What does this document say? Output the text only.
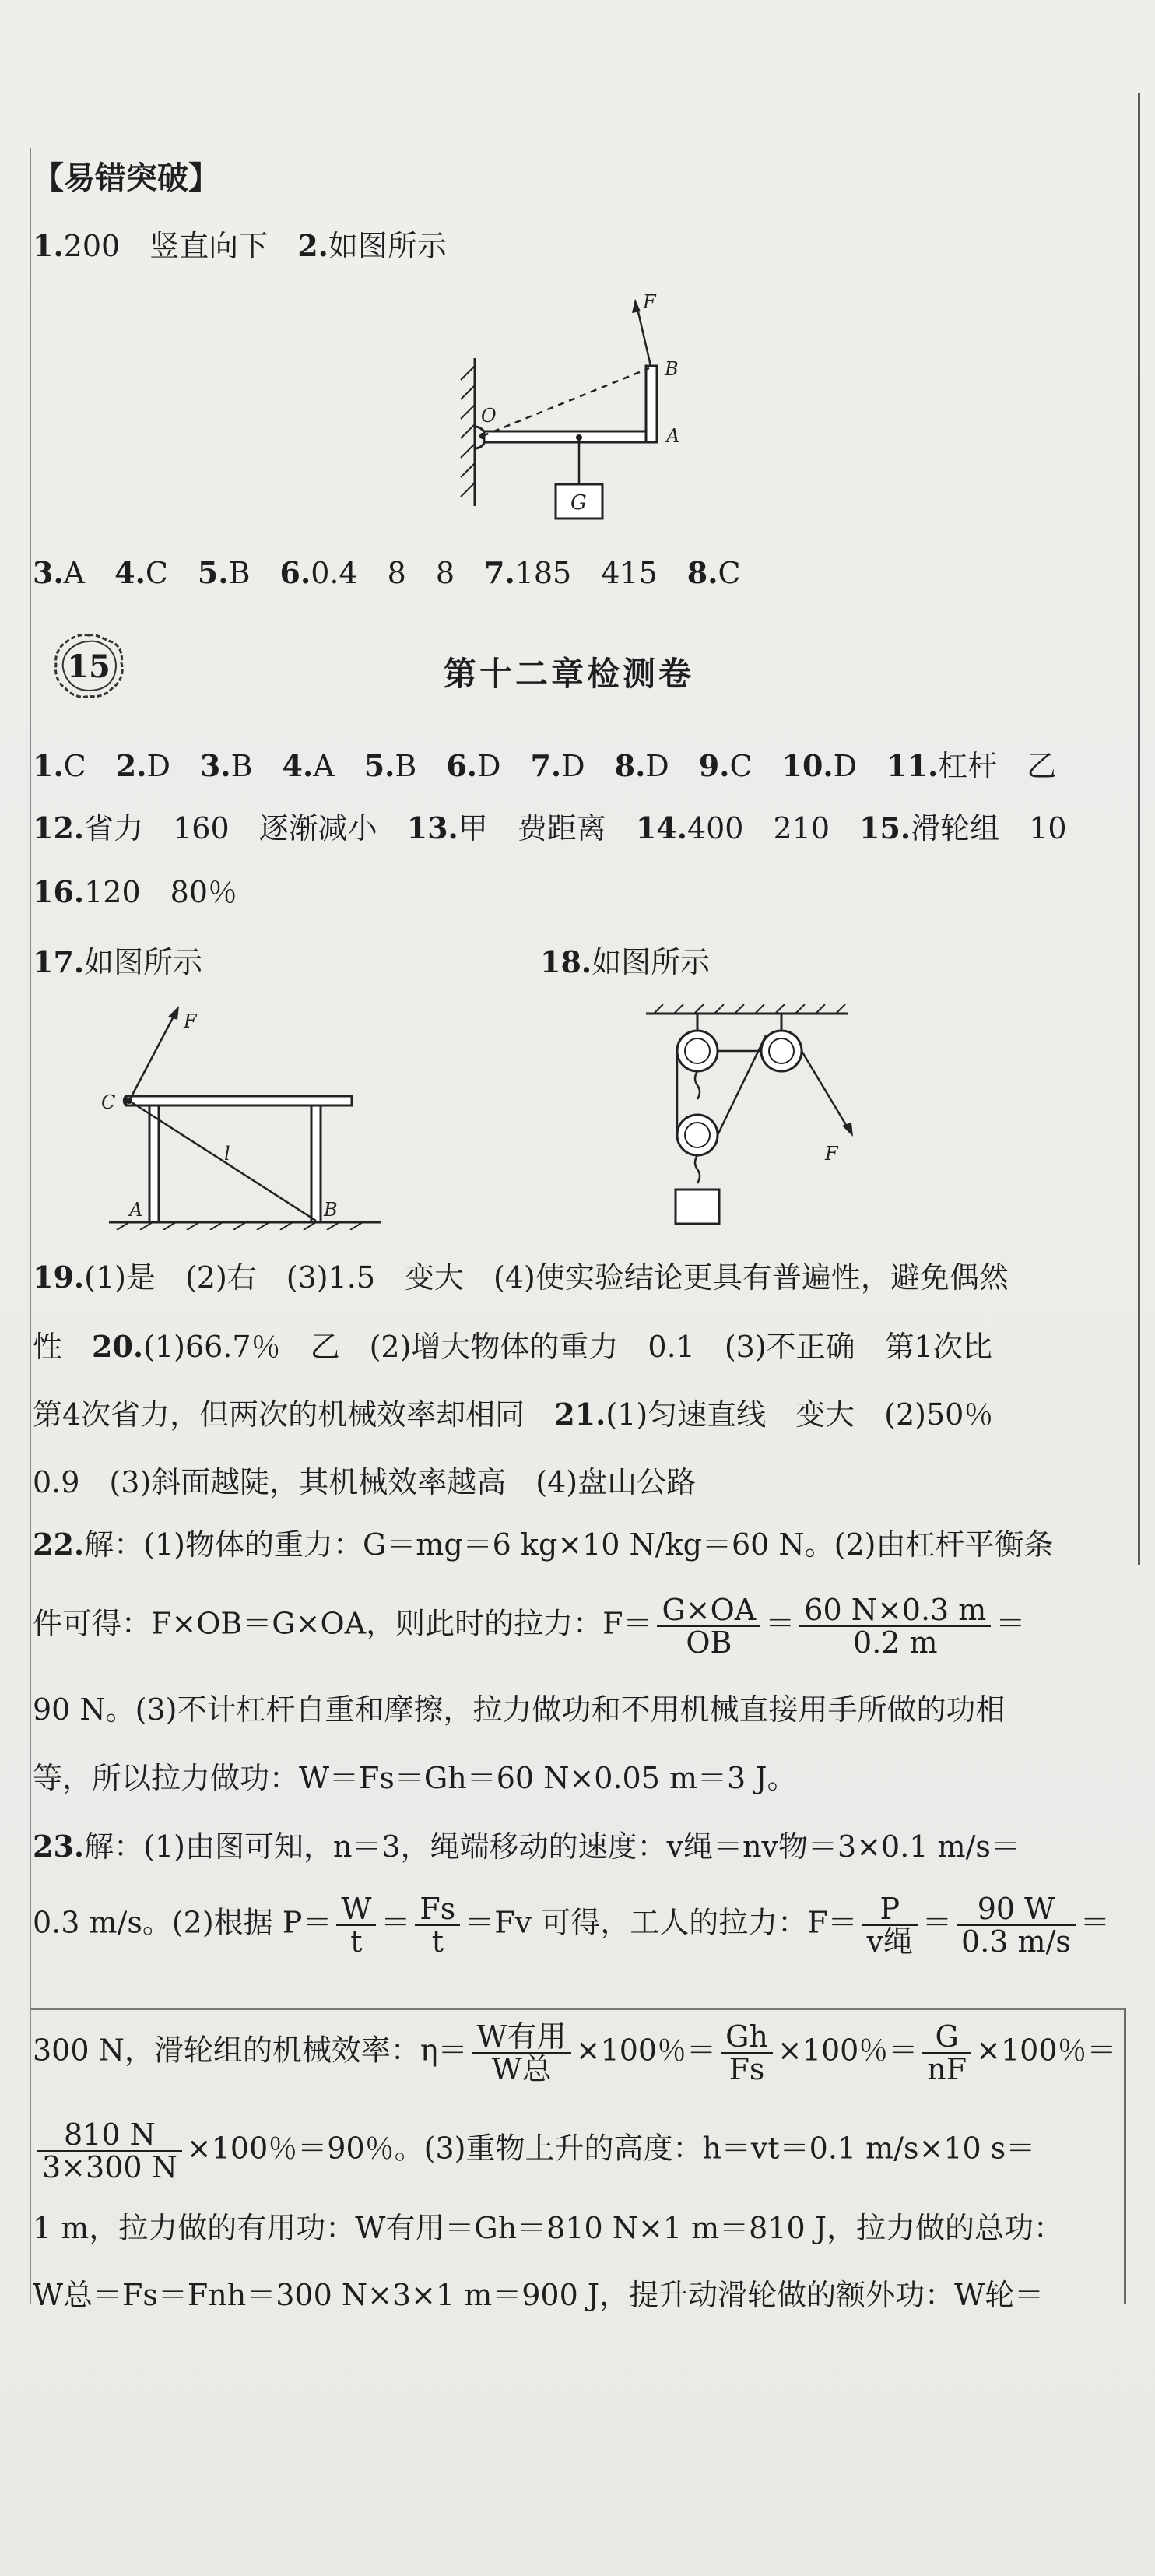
【易错突破】
1.200　竖直向下　 2.如图所示
F
B
O
A
G
3.A　 4.C　 5.B　 6.0.4　8　8　 7.185　415　 8.C
15	第十二章检测卷
1.C　 2.D　 3.B　 4.A　 5.B　 6.D　 7.D　 8.D　 9.C　 10.D　 11.杠杆　乙
12.省力　160　逐渐减小　 13.甲　费距离　 14.400　210　 15.滑轮组　10
16.120　80％
17.如图所示	18.如图所示
F
C
l
A	B
F
19.(1)是　(2)右　(3)1.5　变大　(4)使实验结论更具有普遍性，避免偶然
性　20.(1)66.7％　乙　(2)增大物体的重力　0.1　(3)不正确　第1次比
第4次省力，但两次的机械效率却相同　21.(1)匀速直线　变大　(2)50％
0.9　(3)斜面越陡，其机械效率越高　(4)盘山公路
22.解：(1)物体的重力：G＝mg＝6 kg×10 N/kg＝60 N。(2)由杠杆平衡条
件可得：F×OB＝G×OA，则此时的拉力：$F= \frac{G\times OA}{OB} = \frac{60 N\times 0.3 m}{0.2 m}$ ＝
90 N。(3)不计杠杆自重和摩擦，拉力做功和不用机械直接用手所做的功相
等，所以拉力做功：W＝Fs＝Gh＝60 N×0.05 m＝3 J。
23.解：(1)由图可知，n＝3，绳端移动的速度：v绳＝nv物＝3×0.1 m/s＝
0.3 m/s。(2)根据 $P= \frac{W}{t} = \frac{Fs}{t} =Fv$ 可得，工人的拉力：$F= \frac{P}{\text{v绳}} = \frac{90 W}{0.3 m/s}$ ＝
300 N，滑轮组的机械效率：$\eta= \frac{\text{W有用}}{\text{W总}} \times 100$％＝ $\frac{Gh}{Fs} \times 100$％＝ $\frac{G}{nF} \times 100$％＝
$\frac{810 N}{3\times 300 N} \times 100$％＝90％。(3)重物上升的高度：h＝vt＝0.1 m/s×10 s＝
1 m，拉力做的有用功：W有用＝Gh＝810 N×1 m＝810 J，拉力做的总功：
W总＝Fs＝Fnh＝300 N×3×1 m＝900 J，提升动滑轮做的额外功：W轮＝
